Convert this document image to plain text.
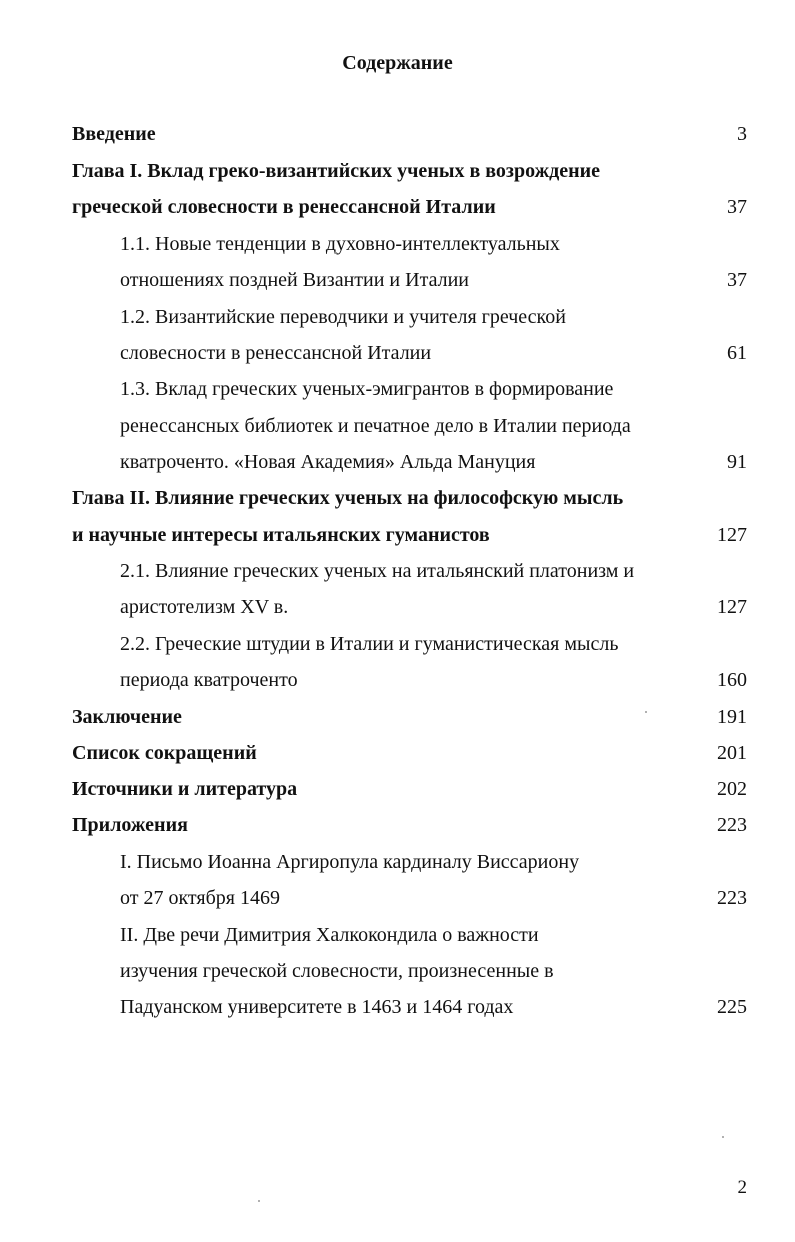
Содержание
Введение	3
Глава I. Вклад греко-византийских ученых в возрождение
греческой словесности в ренессансной Италии	37
1.1. Новые тенденции в духовно-интеллектуальных
отношениях поздней Византии и Италии	37
1.2. Византийские переводчики и учителя греческой
словесности в ренессансной Италии	61
1.3. Вклад греческих ученых-эмигрантов в формирование
ренессансных библиотек и печатное дело в Италии периода
кватроченто. «Новая Академия» Альда Мануция	91
Глава II. Влияние греческих ученых на философскую мысль
и научные интересы итальянских гуманистов	127
2.1. Влияние греческих ученых на итальянский платонизм и
аристотелизм XV в.	127
2.2. Греческие штудии в Италии и гуманистическая мысль
периода кватроченто	160
Заключение	191
Список сокращений	201
Источники и литература	202
Приложения	223
I. Письмо Иоанна Аргиропула кардиналу Виссариону
от 27 октября 1469	223
II. Две речи Димитрия Халкокондила о важности
изучения греческой словесности, произнесенные в
Падуанском университете в 1463 и 1464 годах	225
2
